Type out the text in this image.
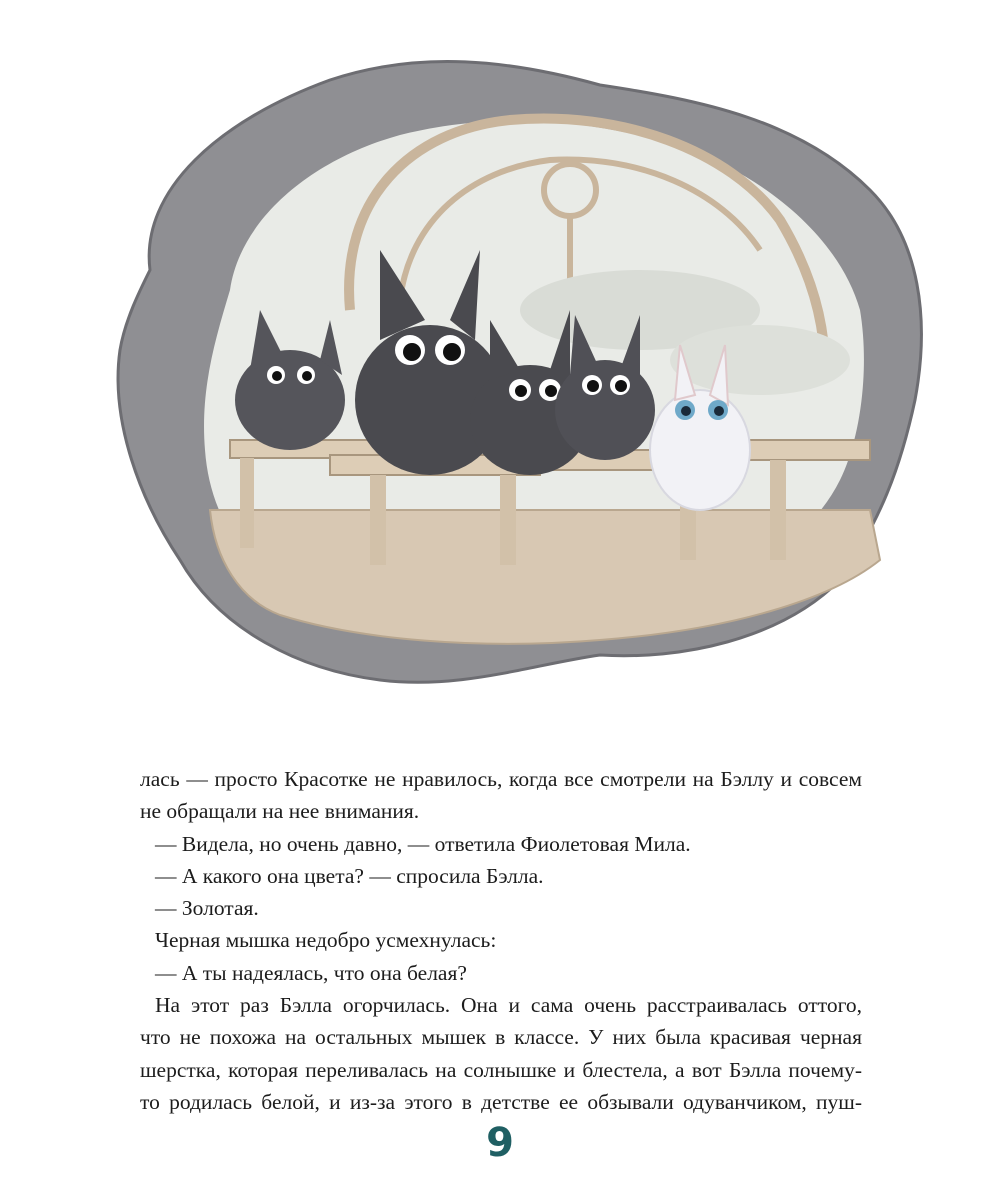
лась — просто Красотке не нравилось, когда все смотрели на Бэллу и совсем
не обращали на нее внимания.
— Видела, но очень давно, — ответила Фиолетовая Мила.
— А какого она цвета? — спросила Бэлла.
— Золотая.
Черная мышка недобро усмехнулась:
— А ты надеялась, что она белая?
На этот раз Бэлла огорчилась. Она и сама очень расстраивалась оттого,
что не похожа на остальных мышек в классе. У них была красивая черная
шерстка, которая переливалась на солнышке и блестела, а вот Бэлла почему-
то родилась белой, и из-за этого в детстве ее обзывали одуванчиком, пуш-
9
